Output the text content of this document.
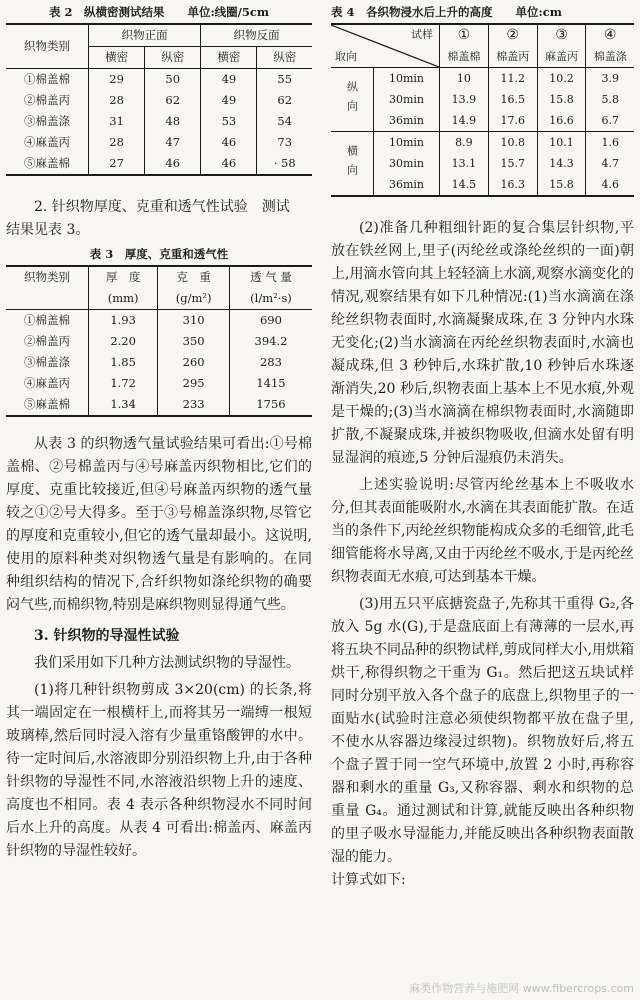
表 2　纵横密测试结果　　单位:线圈/5cm
织物类别	织物正面		织物反面	
	横密	纵密	横密	纵密
①棉盖棉	29	50	49	55
②棉盖丙	28	62	49	62
③棉盖涤	31	48	53	54
④麻盖丙	28	47	46	73
⑤麻盖棉	27	46	46	· 58

2. 针织物厚度、克重和透气性试验　测试

结果见表 3。

表 3　厚度、克重和透气性
织物类别	厚　度	克　重	透 气 量
	(mm)	(g/m²)	(l/m²·s)
①棉盖棉	1.93	310	690
②棉盖丙	2.20	350	394.2
③棉盖涤	1.85	260	283
④麻盖丙	1.72	295	1415
⑤麻盖棉	1.34	233	1756

从表 3 的织物透气量试验结果可看出:①号棉盖棉、②号棉盖丙与④号麻盖丙织物相比,它们的厚度、克重比较接近,但④号麻盖丙织物的透气量较之①②号大得多。至于③号棉盖涤织物,尽管它的厚度和克重较小,但它的透气量却最小。这说明,使用的原料种类对织物透气量是有影响的。在同种组织结构的情况下,合纤织物如涤纶织物的确要闷气些,而棉织物,特别是麻织物则显得通气些。

3. 针织物的导湿性试验

我们采用如下几种方法测试织物的导湿性。

(1)将几种针织物剪成 3×20(cm) 的长条,将其一端固定在一根横杆上,而将其另一端缚一根短玻璃棒,然后同时浸入溶有少量重铬酸钾的水中。待一定时间后,水溶液即分别沿织物上升,由于各种针织物的导湿性不同,水溶液沿织物上升的速度、高度也不相同。表 4 表示各种织物浸水不同时间后水上升的高度。从表 4 可看出:棉盖丙、麻盖丙针织物的导湿性较好。

表 4　各织物浸水后上升的高度　　单位:cm
试样
取向		①	②	③	④
		棉盖棉	棉盖丙	麻盖丙	棉盖涤
纵向	10min	10	11.2	10.2	3.9
	30min	13.9	16.5	15.8	5.8
	36min	14.9	17.6	16.6	6.7
横向	10min	8.9	10.8	10.1	1.6
	30min	13.1	15.7	14.3	4.7
	36min	14.5	16.3	15.8	4.6

(2)准备几种粗细针距的复合集层针织物,平放在铁丝网上,里子(丙纶丝或涤纶丝织的一面)朝上,用滴水管向其上轻轻滴上水滴,观察水滴变化的情况,观察结果有如下几种情况:(1)当水滴滴在涤纶丝织物表面时,水滴凝聚成珠,在 3 分钟内水珠无变化;(2)当水滴滴在丙纶丝织物表面时,水滴也凝成珠,但 3 秒钟后,水珠扩散,10 秒钟后水珠逐渐消失,20 秒后,织物表面上基本上不见水痕,外观是干燥的;(3)当水滴滴在棉织物表面时,水滴随即扩散,不凝聚成珠,并被织物吸收,但滴水处留有明显湿润的痕迹,5 分钟后湿痕仍未消失。

上述实验说明:尽管丙纶丝基本上不吸收水分,但其表面能吸附水,水滴在其表面能扩散。在适当的条件下,丙纶丝织物能构成众多的毛细管,此毛细管能将水导离,又由于丙纶丝不吸水,于是丙纶丝织物表面无水痕,可达到基本干燥。

(3)用五只平底搪瓷盘子,先称其干重得 G₂,各放入 5g 水(G),于是盘底面上有薄薄的一层水,再将五块不同品种的织物试样,剪成同样大小,用烘箱烘干,称得织物之干重为 G₁。然后把这五块试样同时分别平放入各个盘子的底盘上,织物里子的一面贴水(试验时注意必须使织物都平放在盘子里,不使水从容器边缘浸过织物)。织物放好后,将五个盘子置于同一空气环境中,放置 2 小时,再称容器和剩水的重量 G₃,又称容器、剩水和织物的总重量 G₄。通过测试和计算,就能反映出各种织物的里子吸水导湿能力,并能反映出各种织物表面散湿的能力。

计算式如下:

麻类作物营养与施肥网 www.fibercrops.com
